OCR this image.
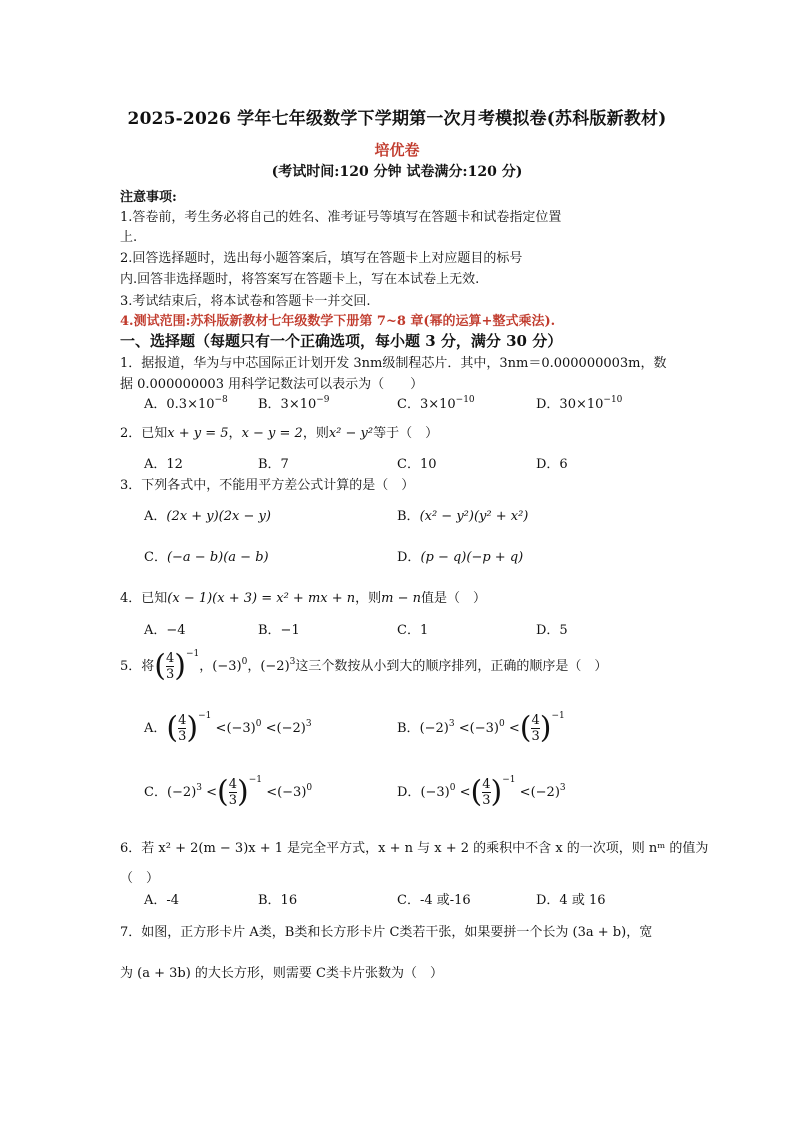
2025-2026 学年七年级数学下学期第一次月考模拟卷(苏科版新教材)
培优卷
(考试时间:120 分钟 试卷满分:120 分)
注意事项:
1.答卷前，考生务必将自己的姓名、准考证号等填写在答题卡和试卷指定位置
上.
2.回答选择题时，选出每小题答案后，填写在答题卡上对应题目的标号
内.回答非选择题时，将答案写在答题卡上，写在本试卷上无效.
3.考试结束后，将本试卷和答题卡一并交回.
4.测试范围:苏科版新教材七年级数学下册第 7~8 章(幂的运算+整式乘法).
一、选择题（每题只有一个正确选项，每小题 3 分，满分 30 分）
1．据报道，华为与中芯国际正计划开发 3nm级制程芯片．其中，3nm＝0.000000003m，数
据 0.000000003 用科学记数法可以表示为（　　）
A．$0.3\times 10^{-8}$ B．$3\times 10^{-9}$	C．$3\times 10^{-10}$	D．$30\times 10^{-10}$
2．已知x + y = 5，x − y = 2，则x² − y²等于（　）
A．12	B．7	C．10	D．6
3．下列各式中，不能用平方差公式计算的是（　）
A．(2x + y)(2x − y)	B．(x² − y²)(y² + x²)
C．(−a − b)(a − b)	D．(p − q)(−p + q)
4．已知(x − 1)(x + 3) = x² + mx + n，则m − n值是（　）
A．−4	B．−1	C．1	D．5
5．将( $\frac{4}{3} )^{-1}$，$(-3)^0$，$(-2)^3$这三个数按从小到大的顺序排列，正确的顺序是（　）
A．( $\frac{4}{3} )^{-1} <(-3)^0 <(-2)^3$	B．$(-2)^3 <(-3)^0$ <( $\frac{4}{3} )^{-1}$
C．$(-2)^3$ <( $\frac{4}{3} )^{-1} <(-3)^0$	D．$(-3)^0$ <( $\frac{4}{3} )^{-1} <(-2)^3$
6．若 x² + 2(m − 3)x + 1 是完全平方式，x + n 与 x + 2 的乘积中不含 x 的一次项，则 nᵐ 的值为
（　）
A．-4	B．16	C．-4 或-16	D．4 或 16
7．如图，正方形卡片 A类，B类和长方形卡片 C类若干张，如果要拼一个长为 (3a + b)，宽
为 (a + 3b) 的大长方形，则需要 C类卡片张数为（　）
